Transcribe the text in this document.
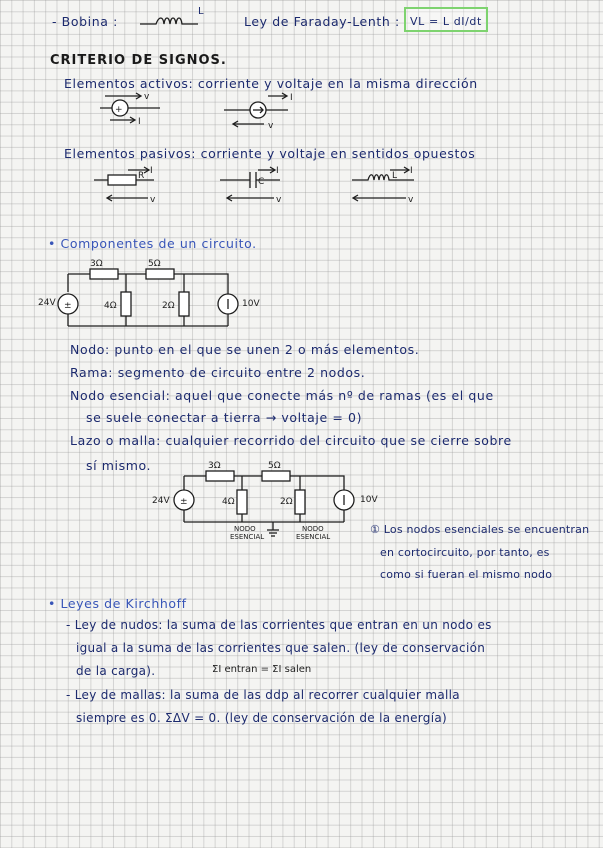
- Bobina :
L
Ley de Faraday-Lenth : VL = L dI/dt
CRITERIO DE SIGNOS.
Elementos activos: corriente y voltaje en la misma dirección
+
v
I
I
v
Elementos pasivos: corriente y voltaje en sentidos opuestos
I
R
v
I
C
v
I
L
v
• Componentes de un circuito.
±
3Ω	5Ω
4Ω	2Ω	10V
24V
Nodo: punto en el que se unen 2 o más elementos.
Rama: segmento de circuito entre 2 nodos.
Nodo esencial: aquel que conecte más nº de ramas (es el que
se suele conectar a tierra → voltaje = 0)
Lazo o malla: cualquier recorrido del circuito que se cierre sobre
sí mismo.
±
3Ω	5Ω
4Ω	2Ω	10V
24V
NODO
ESENCIAL
NODO
ESENCIAL
① Los nodos esenciales se encuentran
en cortocircuito, por tanto, es
como si fueran el mismo nodo
• Leyes de Kirchhoff
- Ley de nudos: la suma de las corrientes que entran en un nodo es
igual a la suma de las corrientes que salen. (ley de conservación
de la carga).	ΣI entran = ΣI salen
- Ley de mallas: la suma de las ddp al recorrer cualquier malla
siempre es 0. ΣΔV = 0. (ley de conservación de la energía)
